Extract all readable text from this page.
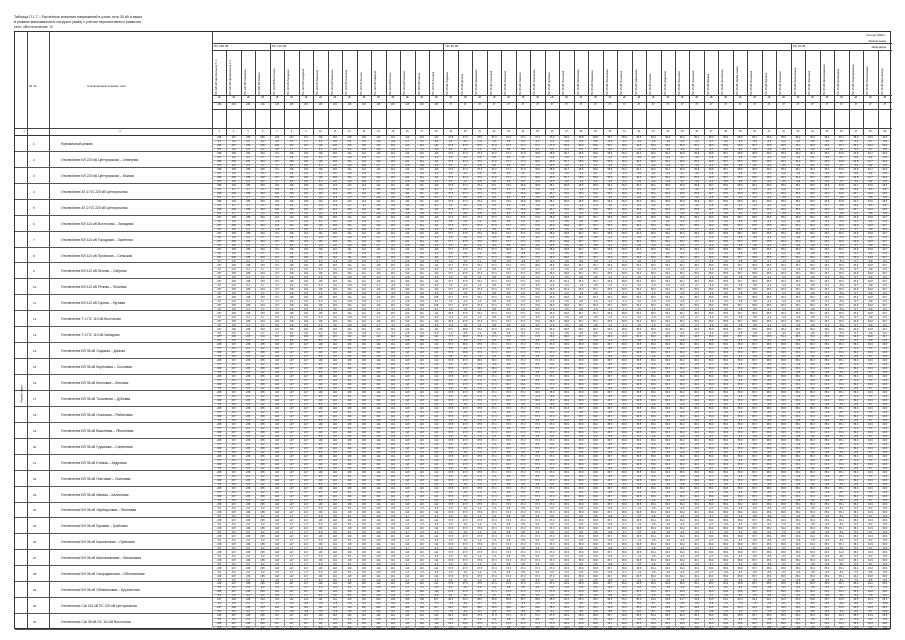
Таблица П.1.7 – Расчётные значения напряжений в узлах сети 35 кВ и выше
в режиме максимальных нагрузок (зима) с учётом перспективного развития
сети, кВ/отклонение, %
Контур 2026 г.
Режим зимы
Максимум
№ п/п	Отключаемый элемент сети
ПС 220 кВ	ПС 110 кВ	ПС 35 кВ	ПС 10 кВ
ПС 220 кВ Центральная Т-1
кВ
230
3
ПС 220 кВ Центральная Т-2
кВ
230
4
ПС 220 кВ Северная
кВ
230
5
ПС 220 кВ Южная
кВ
230
6
ПС 110 кВ Восточная
кВ
115
7
ПС 110 кВ Западная
кВ
115
8
ПС 110 кВ Городская
кВ
115
9
ПС 110 кВ Заречная
кВ
115
10
ПС 110 кВ Промзона
кВ
115
11
ПС 110 кВ Сельская
кВ
115
12
ПС 110 кВ Лесная
кВ
115
13
ПС 110 кВ Озёрная
кВ
115
14
ПС 110 кВ Речная
кВ
115
15
ПС 110 кВ Полевая
кВ
115
16
ПС 110 кВ Горная
кВ
115
17
ПС 110 кВ Луговая
кВ
115
18
ПС 35 кВ Садовая
кВ
37
19
ПС 35 кВ Дачная
кВ
37
20
ПС 35 кВ Берёзовая
кВ
37
21
ПС 35 кВ Сосновая
кВ
37
22
ПС 35 кВ Кленовая
кВ
37
23
ПС 35 кВ Липовая
кВ
37
24
ПС 35 кВ Тополиная
кВ
37
25
ПС 35 кВ Дубовая
кВ
37
26
ПС 35 кВ Ольховая
кВ
37
27
ПС 35 кВ Рябиновая
кВ
37
28
ПС 35 кВ Вишнёвая
кВ
37
29
ПС 35 кВ Яблоневая
кВ
37
30
ПС 35 кВ Грушевая
кВ
37
31
ПС 35 кВ Сиреневая
кВ
37
32
ПС 35 кВ Еловая
кВ
37
33
ПС 35 кВ Кедровая
кВ
37
34
ПС 35 кВ Пихтовая
кВ
37
35
ПС 35 кВ Осиновая
кВ
37
36
ПС 35 кВ Ивовая
кВ
37
37
ПС 35 кВ Калиновая
кВ
37
38
ПС 35 кВ Черёмуховая
кВ
37
39
ПС 35 кВ Ясеневая
кВ
37
40
ПС 35 кВ Буковая
кВ
37
41
ПС 35 кВ Грабовая
кВ
37
42
ПС 35 кВ Каштановая
кВ
37
43
ПС 35 кВ Ореховая
кВ
37
44
ПС 35 кВ Шиповниковая
кВ
37
45
ПС 35 кВ Малиновая
кВ
37
46
ПС 35 кВ Смородиновая
кВ
37
47
ПС 35 кВ Облепиховая
кВ
37
48
ПС 35 кВ Брусничная
кВ
37
49
1	2
1	Нормальный режим
238
3.5
238
3.5
237
3.0
237
3.0
236
2.6
236
2.6
235
2.2
235
2.2
118
2.6
118
2.6
117
1.7
117
1.7
117
1.7
117
1.7
116
0.9
116
0.9
116
0.9
116
0.9
115
0.0
115
0.0
115
0.0
115
0.0
114
-0.9
114
-0.9
114
-0.9
114
-0.9
113
-1.7
113
-1.7
113
-1.7
113
-1.7
112
-2.6
112
-2.6
37.8
2.2
37.8
2.2
37.6
1.6
37.6
1.6
37.5
1.4
37.5
1.4
37.4
1.1
37.4
1.1
37.3
0.8
37.3
0.8
37.2
0.5
37.2
0.5
37.1
0.3
37.1
0.3
37.0
0.0
37.0
0.0
36.9
-0.3
36.9
-0.3
36.8
-0.5
36.8
-0.5
36.8
-0.5
36.8
-0.5
36.7
-0.8
36.7
-0.8
36.6
-1.1
36.6
-1.1
36.5
-1.4
36.5
-1.4
36.4
-1.6
36.4
-1.6
36.3
-1.9
36.3
-1.9
36.2
-2.2
36.2
-2.2
36.1
-2.4
36.1
-2.4
36.0
-2.7
36.0
-2.7
35.9
-3.0
35.9
-3.0
35.8
-3.2
35.8
-3.2
35.7
-3.5
35.7
-3.5
35.6
-3.8
35.6
-3.8
35.5
-4.1
35.5
-4.1
35.4
-4.3
35.4
-4.3
35.3
-4.6
35.3
-4.6
35.2
-4.9
35.2
-4.9
35.1
-5.1
35.1
-5.1
35.0
-5.4
35.0
-5.4
34.9
-5.7
34.9
-5.7
34.8
-5.9
34.8
-5.9
2	Отключение ВЛ 220 кВ Центральная – Северная
236
2.6
236
2.6
235
2.2
235
2.2
231
0.4
231
0.4
234
1.7
234
1.7
117
1.7
117
1.7
116
0.9
116
0.9
116
0.9
116
0.9
115
0.0
115
0.0
115
0.0
115
0.0
114
-0.9
114
-0.9
114
-0.9
114
-0.9
113
-1.7
113
-1.7
113
-1.7
113
-1.7
112
-2.6
112
-2.6
112
-2.6
112
-2.6
111
-3.5
111
-3.5
37.6
1.6
37.6
1.6
37.4
1.1
37.4
1.1
37.3
0.8
37.3
0.8
37.2
0.5
37.2
0.5
37.1
0.3
37.1
0.3
37.0
0.0
37.0
0.0
36.9
-0.3
36.9
-0.3
36.8
-0.5
36.8
-0.5
36.7
-0.8
36.7
-0.8
36.6
-1.1
36.6
-1.1
36.6
-1.1
36.6
-1.1
36.5
-1.4
36.5
-1.4
36.4
-1.6
36.4
-1.6
36.3
-1.9
36.3
-1.9
36.2
-2.2
36.2
-2.2
36.1
-2.4
36.1
-2.4
36.0
-2.7
36.0
-2.7
35.9
-3.0
35.9
-3.0
35.8
-3.2
35.8
-3.2
35.7
-3.5
35.7
-3.5
35.6
-3.8
35.6
-3.8
35.5
-4.1
35.5
-4.1
35.4
-4.3
35.4
-4.3
35.3
-4.6
35.3
-4.6
35.2
-4.9
35.2
-4.9
35.1
-5.1
35.1
-5.1
35.0
-5.4
35.0
-5.4
34.9
-5.7
34.9
-5.7
34.8
-5.9
34.8
-5.9
34.7
-6.2
34.7
-6.2
34.6
-6.5
34.6
-6.5
3	Отключение ВЛ 220 кВ Центральная – Южная
236
2.6
236
2.6
236
2.6
236
2.6
235
2.2
235
2.2
230
0.0
230
0.0
117
1.7
117
1.7
116
0.9
116
0.9
116
0.9
116
0.9
115
0.0
115
0.0
115
0.0
115
0.0
114
-0.9
114
-0.9
114
-0.9
114
-0.9
113
-1.7
113
-1.7
113
-1.7
113
-1.7
112
-2.6
112
-2.6
112
-2.6
112
-2.6
111
-3.5
111
-3.5
37.6
1.6
37.6
1.6
37.4
1.1
37.4
1.1
37.3
0.8
37.3
0.8
37.2
0.5
37.2
0.5
37.1
0.3
37.1
0.3
37.0
0.0
37.0
0.0
36.9
-0.3
36.9
-0.3
36.8
-0.5
36.8
-0.5
36.7
-0.8
36.7
-0.8
36.6
-1.1
36.6
-1.1
36.6
-1.1
36.6
-1.1
36.5
-1.4
36.5
-1.4
36.4
-1.6
36.4
-1.6
36.3
-1.9
36.3
-1.9
36.2
-2.2
36.2
-2.2
36.1
-2.4
36.1
-2.4
36.0
-2.7
36.0
-2.7
35.9
-3.0
35.9
-3.0
35.8
-3.2
35.8
-3.2
35.7
-3.5
35.7
-3.5
35.6
-3.8
35.6
-3.8
35.5
-4.1
35.5
-4.1
35.4
-4.3
35.4
-4.3
35.3
-4.6
35.3
-4.6
35.2
-4.9
35.2
-4.9
35.1
-5.1
35.1
-5.1
35.0
-5.4
35.0
-5.4
34.9
-5.7
34.9
-5.7
34.8
-5.9
34.8
-5.9
34.7
-6.2
34.7
-6.2
34.6
-6.5
34.6
-6.5
4	Отключение АТ-1 ПС 220 кВ Центральная
235
2.2
235
2.2
234
1.7
234
1.7
234
1.7
234
1.7
233
1.3
233
1.3
116
0.9
116
0.9
115
0.0
115
0.0
115
0.0
115
0.0
114
-0.9
114
-0.9
114
-0.9
114
-0.9
113
-1.7
113
-1.7
113
-1.7
113
-1.7
112
-2.6
112
-2.6
112
-2.6
112
-2.6
111
-3.5
111
-3.5
111
-3.5
111
-3.5
110
-4.3
110
-4.3
37.5
1.4
37.5
1.4
37.3
0.8
37.3
0.8
37.2
0.5
37.2
0.5
37.1
0.3
37.1
0.3
37.0
0.0
37.0
0.0
36.9
-0.3
36.9
-0.3
36.8
-0.5
36.8
-0.5
36.7
-0.8
36.7
-0.8
36.6
-1.1
36.6
-1.1
36.5
-1.4
36.5
-1.4
36.5
-1.4
36.5
-1.4
36.4
-1.6
36.4
-1.6
36.3
-1.9
36.3
-1.9
36.2
-2.2
36.2
-2.2
36.1
-2.4
36.1
-2.4
36.0
-2.7
36.0
-2.7
35.9
-3.0
35.9
-3.0
35.8
-3.2
35.8
-3.2
35.7
-3.5
35.7
-3.5
35.6
-3.8
35.6
-3.8
35.5
-4.1
35.5
-4.1
35.4
-4.3
35.4
-4.3
35.3
-4.6
35.3
-4.6
35.2
-4.9
35.2
-4.9
35.1
-5.1
35.1
-5.1
35.0
-5.4
35.0
-5.4
34.9
-5.7
34.9
-5.7
34.8
-5.9
34.8
-5.9
34.7
-6.2
34.7
-6.2
34.6
-6.5
34.6
-6.5
34.5
-6.8
34.5
-6.8
5	Отключение АТ-2 ПС 220 кВ Центральная
235
2.2
235
2.2
234
1.7
234
1.7
234
1.7
234
1.7
233
1.3
233
1.3
116
0.9
116
0.9
115
0.0
115
0.0
115
0.0
115
0.0
114
-0.9
114
-0.9
114
-0.9
114
-0.9
113
-1.7
113
-1.7
113
-1.7
113
-1.7
112
-2.6
112
-2.6
112
-2.6
112
-2.6
111
-3.5
111
-3.5
111
-3.5
111
-3.5
110
-4.3
110
-4.3
37.5
1.4
37.5
1.4
37.3
0.8
37.3
0.8
37.2
0.5
37.2
0.5
37.1
0.3
37.1
0.3
37.0
0.0
37.0
0.0
36.9
-0.3
36.9
-0.3
36.8
-0.5
36.8
-0.5
36.7
-0.8
36.7
-0.8
36.6
-1.1
36.6
-1.1
36.5
-1.4
36.5
-1.4
36.5
-1.4
36.5
-1.4
36.4
-1.6
36.4
-1.6
36.3
-1.9
36.3
-1.9
36.2
-2.2
36.2
-2.2
36.1
-2.4
36.1
-2.4
36.0
-2.7
36.0
-2.7
35.9
-3.0
35.9
-3.0
35.8
-3.2
35.8
-3.2
35.7
-3.5
35.7
-3.5
35.6
-3.8
35.6
-3.8
35.5
-4.1
35.5
-4.1
35.4
-4.3
35.4
-4.3
35.3
-4.6
35.3
-4.6
35.2
-4.9
35.2
-4.9
35.1
-5.1
35.1
-5.1
35.0
-5.4
35.0
-5.4
34.9
-5.7
34.9
-5.7
34.8
-5.9
34.8
-5.9
34.7
-6.2
34.7
-6.2
34.6
-6.5
34.6
-6.5
34.5
-6.8
34.5
-6.8
6	Отключение ВЛ 110 кВ Восточная – Западная
237
3.0
237
3.0
236
2.6
236
2.6
235
2.2
235
2.2
234
1.7
234
1.7
114
-0.9
114
-0.9
113
-1.7
113
-1.7
116
0.9
116
0.9
115
0.0
115
0.0
115
0.0
115
0.0
114
-0.9
114
-0.9
114
-0.9
114
-0.9
113
-1.7
113
-1.7
113
-1.7
113
-1.7
112
-2.6
112
-2.6
112
-2.6
112
-2.6
111
-3.5
111
-3.5
37.3
0.8
37.3
0.8
37.1
0.3
37.1
0.3
37.4
1.1
37.4
1.1
37.3
0.8
37.3
0.8
37.2
0.5
37.2
0.5
37.1
0.3
37.1
0.3
37.0
0.0
37.0
0.0
36.9
-0.3
36.9
-0.3
36.8
-0.5
36.8
-0.5
36.7
-0.8
36.7
-0.8
36.7
-0.8
36.7
-0.8
36.6
-1.1
36.6
-1.1
36.5
-1.4
36.5
-1.4
36.4
-1.6
36.4
-1.6
36.3
-1.9
36.3
-1.9
36.2
-2.2
36.2
-2.2
36.1
-2.4
36.1
-2.4
36.0
-2.7
36.0
-2.7
35.9
-3.0
35.9
-3.0
35.8
-3.2
35.8
-3.2
35.7
-3.5
35.7
-3.5
35.6
-3.8
35.6
-3.8
35.5
-4.1
35.5
-4.1
35.4
-4.3
35.4
-4.3
35.3
-4.6
35.3
-4.6
35.2
-4.9
35.2
-4.9
35.1
-5.1
35.1
-5.1
35.0
-5.4
35.0
-5.4
34.9
-5.7
34.9
-5.7
34.8
-5.9
34.8
-5.9
34.7
-6.2
34.7
-6.2
7	Отключение ВЛ 110 кВ Городская – Заречная
237
3.0
237
3.0
236
2.6
236
2.6
235
2.2
235
2.2
234
1.7
234
1.7
117
1.7
117
1.7
116
0.9
116
0.9
113
-1.7
113
-1.7
112
-2.6
112
-2.6
115
0.0
115
0.0
114
-0.9
114
-0.9
114
-0.9
114
-0.9
113
-1.7
113
-1.7
113
-1.7
113
-1.7
112
-2.6
112
-2.6
112
-2.6
112
-2.6
111
-3.5
111
-3.5
37.7
1.9
37.7
1.9
37.5
1.4
37.5
1.4
37.0
0.0
37.0
0.0
36.9
-0.3
36.9
-0.3
37.2
0.5
37.2
0.5
37.1
0.3
37.1
0.3
37.0
0.0
37.0
0.0
36.9
-0.3
36.9
-0.3
36.8
-0.5
36.8
-0.5
36.7
-0.8
36.7
-0.8
36.7
-0.8
36.7
-0.8
36.6
-1.1
36.6
-1.1
36.5
-1.4
36.5
-1.4
36.4
-1.6
36.4
-1.6
36.3
-1.9
36.3
-1.9
36.2
-2.2
36.2
-2.2
36.1
-2.4
36.1
-2.4
36.0
-2.7
36.0
-2.7
35.9
-3.0
35.9
-3.0
35.8
-3.2
35.8
-3.2
35.7
-3.5
35.7
-3.5
35.6
-3.8
35.6
-3.8
35.5
-4.1
35.5
-4.1
35.4
-4.3
35.4
-4.3
35.3
-4.6
35.3
-4.6
35.2
-4.9
35.2
-4.9
35.1
-5.1
35.1
-5.1
35.0
-5.4
35.0
-5.4
34.9
-5.7
34.9
-5.7
34.8
-5.9
34.8
-5.9
34.7
-6.2
34.7
-6.2
8	Отключение ВЛ 110 кВ Промзона – Сельская
237
3.0
237
3.0
236
2.6
236
2.6
235
2.2
235
2.2
234
1.7
234
1.7
117
1.7
117
1.7
116
0.9
116
0.9
116
0.9
116
0.9
115
0.0
115
0.0
112
-2.6
112
-2.6
111
-3.5
111
-3.5
114
-0.9
114
-0.9
113
-1.7
113
-1.7
113
-1.7
113
-1.7
112
-2.6
112
-2.6
112
-2.6
112
-2.6
111
-3.5
111
-3.5
37.7
1.9
37.7
1.9
37.5
1.4
37.5
1.4
37.4
1.1
37.4
1.1
37.3
0.8
37.3
0.8
36.8
-0.5
36.8
-0.5
36.7
-0.8
36.7
-0.8
37.0
0.0
37.0
0.0
36.9
-0.3
36.9
-0.3
36.8
-0.5
36.8
-0.5
36.7
-0.8
36.7
-0.8
36.7
-0.8
36.7
-0.8
36.6
-1.1
36.6
-1.1
36.5
-1.4
36.5
-1.4
36.4
-1.6
36.4
-1.6
36.3
-1.9
36.3
-1.9
36.2
-2.2
36.2
-2.2
36.1
-2.4
36.1
-2.4
36.0
-2.7
36.0
-2.7
35.9
-3.0
35.9
-3.0
35.8
-3.2
35.8
-3.2
35.7
-3.5
35.7
-3.5
35.6
-3.8
35.6
-3.8
35.5
-4.1
35.5
-4.1
35.4
-4.3
35.4
-4.3
35.3
-4.6
35.3
-4.6
35.2
-4.9
35.2
-4.9
35.1
-5.1
35.1
-5.1
35.0
-5.4
35.0
-5.4
34.9
-5.7
34.9
-5.7
34.8
-5.9
34.8
-5.9
34.7
-6.2
34.7
-6.2
9	Отключение ВЛ 110 кВ Лесная – Озёрная
237
3.0
237
3.0
236
2.6
236
2.6
235
2.2
235
2.2
234
1.7
234
1.7
117
1.7
117
1.7
116
0.9
116
0.9
116
0.9
116
0.9
115
0.0
115
0.0
115
0.0
115
0.0
114
-0.9
114
-0.9
111
-3.5
111
-3.5
110
-4.3
110
-4.3
113
-1.7
113
-1.7
112
-2.6
112
-2.6
112
-2.6
112
-2.6
111
-3.5
111
-3.5
37.7
1.9
37.7
1.9
37.5
1.4
37.5
1.4
37.4
1.1
37.4
1.1
37.3
0.8
37.3
0.8
37.2
0.5
37.2
0.5
37.1
0.3
37.1
0.3
36.6
-1.1
36.6
-1.1
36.5
-1.4
36.5
-1.4
36.8
-0.5
36.8
-0.5
36.7
-0.8
36.7
-0.8
36.7
-0.8
36.7
-0.8
36.6
-1.1
36.6
-1.1
36.5
-1.4
36.5
-1.4
36.4
-1.6
36.4
-1.6
36.3
-1.9
36.3
-1.9
36.2
-2.2
36.2
-2.2
36.1
-2.4
36.1
-2.4
36.0
-2.7
36.0
-2.7
35.9
-3.0
35.9
-3.0
35.8
-3.2
35.8
-3.2
35.7
-3.5
35.7
-3.5
35.6
-3.8
35.6
-3.8
35.5
-4.1
35.5
-4.1
35.4
-4.3
35.4
-4.3
35.3
-4.6
35.3
-4.6
35.2
-4.9
35.2
-4.9
35.1
-5.1
35.1
-5.1
35.0
-5.4
35.0
-5.4
34.9
-5.7
34.9
-5.7
34.8
-5.9
34.8
-5.9
34.7
-6.2
34.7
-6.2
10	Отключение ВЛ 110 кВ Речная – Полевая
237
3.0
237
3.0
236
2.6
236
2.6
235
2.2
235
2.2
234
1.7
234
1.7
117
1.7
117
1.7
116
0.9
116
0.9
116
0.9
116
0.9
115
0.0
115
0.0
115
0.0
115
0.0
114
-0.9
114
-0.9
114
-0.9
114
-0.9
113
-1.7
113
-1.7
110
-4.3
110
-4.3
109
-5.2
109
-5.2
112
-2.6
112
-2.6
111
-3.5
111
-3.5
37.7
1.9
37.7
1.9
37.5
1.4
37.5
1.4
37.4
1.1
37.4
1.1
37.3
0.8
37.3
0.8
37.2
0.5
37.2
0.5
37.1
0.3
37.1
0.3
37.0
0.0
37.0
0.0
36.9
-0.3
36.9
-0.3
36.4
-1.6
36.4
-1.6
36.3
-1.9
36.3
-1.9
36.7
-0.8
36.7
-0.8
36.6
-1.1
36.6
-1.1
36.5
-1.4
36.5
-1.4
36.4
-1.6
36.4
-1.6
36.3
-1.9
36.3
-1.9
36.2
-2.2
36.2
-2.2
36.1
-2.4
36.1
-2.4
36.0
-2.7
36.0
-2.7
35.9
-3.0
35.9
-3.0
35.8
-3.2
35.8
-3.2
35.7
-3.5
35.7
-3.5
35.6
-3.8
35.6
-3.8
35.5
-4.1
35.5
-4.1
35.4
-4.3
35.4
-4.3
35.3
-4.6
35.3
-4.6
35.2
-4.9
35.2
-4.9
35.1
-5.1
35.1
-5.1
35.0
-5.4
35.0
-5.4
34.9
-5.7
34.9
-5.7
34.8
-5.9
34.8
-5.9
34.7
-6.2
34.7
-6.2
11	Отключение ВЛ 110 кВ Горная – Луговая
237
3.0
237
3.0
236
2.6
236
2.6
235
2.2
235
2.2
234
1.7
234
1.7
117
1.7
117
1.7
116
0.9
116
0.9
116
0.9
116
0.9
115
0.0
115
0.0
115
0.0
115
0.0
114
-0.9
114
-0.9
114
-0.9
114
-0.9
113
-1.7
113
-1.7
113
-1.7
113
-1.7
112
-2.6
112
-2.6
109
-5.2
109
-5.2
108
-6.1
108
-6.1
37.7
1.9
37.7
1.9
37.5
1.4
37.5
1.4
37.4
1.1
37.4
1.1
37.3
0.8
37.3
0.8
37.2
0.5
37.2
0.5
37.1
0.3
37.1
0.3
37.0
0.0
37.0
0.0
36.9
-0.3
36.9
-0.3
36.8
-0.5
36.8
-0.5
36.7
-0.8
36.7
-0.8
36.3
-1.9
36.3
-1.9
36.2
-2.2
36.2
-2.2
36.5
-1.4
36.5
-1.4
36.4
-1.6
36.4
-1.6
36.3
-1.9
36.3
-1.9
36.2
-2.2
36.2
-2.2
36.1
-2.4
36.1
-2.4
36.0
-2.7
36.0
-2.7
35.9
-3.0
35.9
-3.0
35.8
-3.2
35.8
-3.2
35.7
-3.5
35.7
-3.5
35.6
-3.8
35.6
-3.8
35.5
-4.1
35.5
-4.1
35.4
-4.3
35.4
-4.3
35.3
-4.6
35.3
-4.6
35.2
-4.9
35.2
-4.9
35.1
-5.1
35.1
-5.1
35.0
-5.4
35.0
-5.4
34.9
-5.7
34.9
-5.7
34.8
-5.9
34.8
-5.9
34.7
-6.2
34.7
-6.2
12	Отключение Т-1 ПС 110 кВ Восточная
237
3.0
237
3.0
236
2.6
236
2.6
235
2.2
235
2.2
234
1.7
234
1.7
116
0.9
116
0.9
116
0.9
116
0.9
116
0.9
116
0.9
115
0.0
115
0.0
115
0.0
115
0.0
114
-0.9
114
-0.9
114
-0.9
114
-0.9
113
-1.7
113
-1.7
113
-1.7
113
-1.7
112
-2.6
112
-2.6
112
-2.6
112
-2.6
111
-3.5
111
-3.5
36.9
-0.3
36.9
-0.3
37.5
1.4
37.5
1.4
37.4
1.1
37.4
1.1
37.3
0.8
37.3
0.8
37.2
0.5
37.2
0.5
37.1
0.3
37.1
0.3
37.0
0.0
37.0
0.0
36.9
-0.3
36.9
-0.3
36.8
-0.5
36.8
-0.5
36.7
-0.8
36.7
-0.8
36.7
-0.8
36.7
-0.8
36.6
-1.1
36.6
-1.1
36.5
-1.4
36.5
-1.4
36.4
-1.6
36.4
-1.6
36.3
-1.9
36.3
-1.9
36.2
-2.2
36.2
-2.2
36.1
-2.4
36.1
-2.4
36.0
-2.7
36.0
-2.7
35.9
-3.0
35.9
-3.0
35.8
-3.2
35.8
-3.2
35.7
-3.5
35.7
-3.5
35.6
-3.8
35.6
-3.8
35.5
-4.1
35.5
-4.1
35.4
-4.3
35.4
-4.3
35.3
-4.6
35.3
-4.6
35.2
-4.9
35.2
-4.9
35.1
-5.1
35.1
-5.1
35.0
-5.4
35.0
-5.4
34.9
-5.7
34.9
-5.7
34.8
-5.9
34.8
-5.9
34.7
-6.2
34.7
-6.2
13	Отключение Т-2 ПС 110 кВ Западная
237
3.0
237
3.0
236
2.6
236
2.6
235
2.2
235
2.2
234
1.7
234
1.7
117
1.7
117
1.7
115
0.0
115
0.0
116
0.9
116
0.9
115
0.0
115
0.0
115
0.0
115
0.0
114
-0.9
114
-0.9
114
-0.9
114
-0.9
113
-1.7
113
-1.7
113
-1.7
113
-1.7
112
-2.6
112
-2.6
112
-2.6
112
-2.6
111
-3.5
111
-3.5
37.7
1.9
37.7
1.9
36.8
-0.5
36.8
-0.5
37.4
1.1
37.4
1.1
37.3
0.8
37.3
0.8
37.2
0.5
37.2
0.5
37.1
0.3
37.1
0.3
37.0
0.0
37.0
0.0
36.9
-0.3
36.9
-0.3
36.8
-0.5
36.8
-0.5
36.7
-0.8
36.7
-0.8
36.7
-0.8
36.7
-0.8
36.6
-1.1
36.6
-1.1
36.5
-1.4
36.5
-1.4
36.4
-1.6
36.4
-1.6
36.3
-1.9
36.3
-1.9
36.2
-2.2
36.2
-2.2
36.1
-2.4
36.1
-2.4
36.0
-2.7
36.0
-2.7
35.9
-3.0
35.9
-3.0
35.8
-3.2
35.8
-3.2
35.7
-3.5
35.7
-3.5
35.6
-3.8
35.6
-3.8
35.5
-4.1
35.5
-4.1
35.4
-4.3
35.4
-4.3
35.3
-4.6
35.3
-4.6
35.2
-4.9
35.2
-4.9
35.1
-5.1
35.1
-5.1
35.0
-5.4
35.0
-5.4
34.9
-5.7
34.9
-5.7
34.8
-5.9
34.8
-5.9
34.7
-6.2
34.7
-6.2
14	Отключение ВЛ 35 кВ Садовая – Дачная
238
3.5
238
3.5
237
3.0
237
3.0
236
2.6
236
2.6
235
2.2
235
2.2
118
2.6
118
2.6
117
1.7
117
1.7
117
1.7
117
1.7
116
0.9
116
0.9
116
0.9
116
0.9
115
0.0
115
0.0
115
0.0
115
0.0
114
-0.9
114
-0.9
114
-0.9
114
-0.9
113
-1.7
113
-1.7
113
-1.7
113
-1.7
112
-2.6
112
-2.6
37.2
0.5
37.2
0.5
36.6
-1.1
36.6
-1.1
37.5
1.4
37.5
1.4
37.4
1.1
37.4
1.1
37.3
0.8
37.3
0.8
37.2
0.5
37.2
0.5
37.1
0.3
37.1
0.3
37.0
0.0
37.0
0.0
36.9
-0.3
36.9
-0.3
36.8
-0.5
36.8
-0.5
36.8
-0.5
36.8
-0.5
36.7
-0.8
36.7
-0.8
36.6
-1.1
36.6
-1.1
36.5
-1.4
36.5
-1.4
36.4
-1.6
36.4
-1.6
36.3
-1.9
36.3
-1.9
36.2
-2.2
36.2
-2.2
36.1
-2.4
36.1
-2.4
36.0
-2.7
36.0
-2.7
35.9
-3.0
35.9
-3.0
35.8
-3.2
35.8
-3.2
35.7
-3.5
35.7
-3.5
35.6
-3.8
35.6
-3.8
35.5
-4.1
35.5
-4.1
35.4
-4.3
35.4
-4.3
35.3
-4.6
35.3
-4.6
35.2
-4.9
35.2
-4.9
35.1
-5.1
35.1
-5.1
35.0
-5.4
35.0
-5.4
34.9
-5.7
34.9
-5.7
34.8
-5.9
34.8
-5.9
15	Отключение ВЛ 35 кВ Берёзовая – Сосновая
238
3.5
238
3.5
237
3.0
237
3.0
236
2.6
236
2.6
235
2.2
235
2.2
118
2.6
118
2.6
117
1.7
117
1.7
117
1.7
117
1.7
116
0.9
116
0.9
116
0.9
116
0.9
115
0.0
115
0.0
115
0.0
115
0.0
114
-0.9
114
-0.9
114
-0.9
114
-0.9
113
-1.7
113
-1.7
113
-1.7
113
-1.7
112
-2.6
112
-2.6
37.8
2.2
37.8
2.2
37.6
1.6
37.6
1.6
36.9
-0.3
36.9
-0.3
36.3
-1.9
36.3
-1.9
37.3
0.8
37.3
0.8
37.2
0.5
37.2
0.5
37.1
0.3
37.1
0.3
37.0
0.0
37.0
0.0
36.9
-0.3
36.9
-0.3
36.8
-0.5
36.8
-0.5
36.8
-0.5
36.8
-0.5
36.7
-0.8
36.7
-0.8
36.6
-1.1
36.6
-1.1
36.5
-1.4
36.5
-1.4
36.4
-1.6
36.4
-1.6
36.3
-1.9
36.3
-1.9
36.2
-2.2
36.2
-2.2
36.1
-2.4
36.1
-2.4
36.0
-2.7
36.0
-2.7
35.9
-3.0
35.9
-3.0
35.8
-3.2
35.8
-3.2
35.7
-3.5
35.7
-3.5
35.6
-3.8
35.6
-3.8
35.5
-4.1
35.5
-4.1
35.4
-4.3
35.4
-4.3
35.3
-4.6
35.3
-4.6
35.2
-4.9
35.2
-4.9
35.1
-5.1
35.1
-5.1
35.0
-5.4
35.0
-5.4
34.9
-5.7
34.9
-5.7
34.8
-5.9
34.8
-5.9
16	Отключение ВЛ 35 кВ Кленовая – Липовая
238
3.5
238
3.5
237
3.0
237
3.0
236
2.6
236
2.6
235
2.2
235
2.2
118
2.6
118
2.6
117
1.7
117
1.7
117
1.7
117
1.7
116
0.9
116
0.9
116
0.9
116
0.9
115
0.0
115
0.0
115
0.0
115
0.0
114
-0.9
114
-0.9
114
-0.9
114
-0.9
113
-1.7
113
-1.7
113
-1.7
113
-1.7
112
-2.6
112
-2.6
37.8
2.2
37.8
2.2
37.6
1.6
37.6
1.6
37.5
1.4
37.5
1.4
37.4
1.1
37.4
1.1
36.7
-0.8
36.7
-0.8
36.1
-2.4
36.1
-2.4
37.1
0.3
37.1
0.3
37.0
0.0
37.0
0.0
36.9
-0.3
36.9
-0.3
36.8
-0.5
36.8
-0.5
36.8
-0.5
36.8
-0.5
36.7
-0.8
36.7
-0.8
36.6
-1.1
36.6
-1.1
36.5
-1.4
36.5
-1.4
36.4
-1.6
36.4
-1.6
36.3
-1.9
36.3
-1.9
36.2
-2.2
36.2
-2.2
36.1
-2.4
36.1
-2.4
36.0
-2.7
36.0
-2.7
35.9
-3.0
35.9
-3.0
35.8
-3.2
35.8
-3.2
35.7
-3.5
35.7
-3.5
35.6
-3.8
35.6
-3.8
35.5
-4.1
35.5
-4.1
35.4
-4.3
35.4
-4.3
35.3
-4.6
35.3
-4.6
35.2
-4.9
35.2
-4.9
35.1
-5.1
35.1
-5.1
35.0
-5.4
35.0
-5.4
34.9
-5.7
34.9
-5.7
34.8
-5.9
34.8
-5.9
17	Отключение ВЛ 35 кВ Тополиная – Дубовая
238
3.5
238
3.5
237
3.0
237
3.0
236
2.6
236
2.6
235
2.2
235
2.2
118
2.6
118
2.6
117
1.7
117
1.7
117
1.7
117
1.7
116
0.9
116
0.9
116
0.9
116
0.9
115
0.0
115
0.0
115
0.0
115
0.0
114
-0.9
114
-0.9
114
-0.9
114
-0.9
113
-1.7
113
-1.7
113
-1.7
113
-1.7
112
-2.6
112
-2.6
37.8
2.2
37.8
2.2
37.6
1.6
37.6
1.6
37.5
1.4
37.5
1.4
37.4
1.1
37.4
1.1
37.3
0.8
37.3
0.8
37.2
0.5
37.2
0.5
36.5
-1.4
36.5
-1.4
35.9
-3.0
35.9
-3.0
36.9
-0.3
36.9
-0.3
36.8
-0.5
36.8
-0.5
36.8
-0.5
36.8
-0.5
36.7
-0.8
36.7
-0.8
36.6
-1.1
36.6
-1.1
36.5
-1.4
36.5
-1.4
36.4
-1.6
36.4
-1.6
36.3
-1.9
36.3
-1.9
36.2
-2.2
36.2
-2.2
36.1
-2.4
36.1
-2.4
36.0
-2.7
36.0
-2.7
35.9
-3.0
35.9
-3.0
35.8
-3.2
35.8
-3.2
35.7
-3.5
35.7
-3.5
35.6
-3.8
35.6
-3.8
35.5
-4.1
35.5
-4.1
35.4
-4.3
35.4
-4.3
35.3
-4.6
35.3
-4.6
35.2
-4.9
35.2
-4.9
35.1
-5.1
35.1
-5.1
35.0
-5.4
35.0
-5.4
34.9
-5.7
34.9
-5.7
34.8
-5.9
34.8
-5.9
18	Отключение ВЛ 35 кВ Ольховая – Рябиновая
238
3.5
238
3.5
237
3.0
237
3.0
236
2.6
236
2.6
235
2.2
235
2.2
118
2.6
118
2.6
117
1.7
117
1.7
117
1.7
117
1.7
116
0.9
116
0.9
116
0.9
116
0.9
115
0.0
115
0.0
115
0.0
115
0.0
114
-0.9
114
-0.9
114
-0.9
114
-0.9
113
-1.7
113
-1.7
113
-1.7
113
-1.7
112
-2.6
112
-2.6
37.8
2.2
37.8
2.2
37.6
1.6
37.6
1.6
37.5
1.4
37.5
1.4
37.4
1.1
37.4
1.1
37.3
0.8
37.3
0.8
37.2
0.5
37.2
0.5
37.1
0.3
37.1
0.3
37.0
0.0
37.0
0.0
36.3
-1.9
36.3
-1.9
35.7
-3.5
35.7
-3.5
36.8
-0.5
36.8
-0.5
36.7
-0.8
36.7
-0.8
36.6
-1.1
36.6
-1.1
36.5
-1.4
36.5
-1.4
36.4
-1.6
36.4
-1.6
36.3
-1.9
36.3
-1.9
36.2
-2.2
36.2
-2.2
36.1
-2.4
36.1
-2.4
36.0
-2.7
36.0
-2.7
35.9
-3.0
35.9
-3.0
35.8
-3.2
35.8
-3.2
35.7
-3.5
35.7
-3.5
35.6
-3.8
35.6
-3.8
35.5
-4.1
35.5
-4.1
35.4
-4.3
35.4
-4.3
35.3
-4.6
35.3
-4.6
35.2
-4.9
35.2
-4.9
35.1
-5.1
35.1
-5.1
35.0
-5.4
35.0
-5.4
34.9
-5.7
34.9
-5.7
34.8
-5.9
34.8
-5.9
19	Отключение ВЛ 35 кВ Вишнёвая – Яблоневая
238
3.5
238
3.5
237
3.0
237
3.0
236
2.6
236
2.6
235
2.2
235
2.2
118
2.6
118
2.6
117
1.7
117
1.7
117
1.7
117
1.7
116
0.9
116
0.9
116
0.9
116
0.9
115
0.0
115
0.0
115
0.0
115
0.0
114
-0.9
114
-0.9
114
-0.9
114
-0.9
113
-1.7
113
-1.7
113
-1.7
113
-1.7
112
-2.6
112
-2.6
37.8
2.2
37.8
2.2
37.6
1.6
37.6
1.6
37.5
1.4
37.5
1.4
37.4
1.1
37.4
1.1
37.3
0.8
37.3
0.8
37.2
0.5
37.2
0.5
37.1
0.3
37.1
0.3
37.0
0.0
37.0
0.0
36.9
-0.3
36.9
-0.3
36.8
-0.5
36.8
-0.5
36.2
-2.2
36.2
-2.2
35.6
-3.8
35.6
-3.8
36.6
-1.1
36.6
-1.1
36.5
-1.4
36.5
-1.4
36.4
-1.6
36.4
-1.6
36.3
-1.9
36.3
-1.9
36.2
-2.2
36.2
-2.2
36.1
-2.4
36.1
-2.4
36.0
-2.7
36.0
-2.7
35.9
-3.0
35.9
-3.0
35.8
-3.2
35.8
-3.2
35.7
-3.5
35.7
-3.5
35.6
-3.8
35.6
-3.8
35.5
-4.1
35.5
-4.1
35.4
-4.3
35.4
-4.3
35.3
-4.6
35.3
-4.6
35.2
-4.9
35.2
-4.9
35.1
-5.1
35.1
-5.1
35.0
-5.4
35.0
-5.4
34.9
-5.7
34.9
-5.7
34.8
-5.9
34.8
-5.9
20	Отключение ВЛ 35 кВ Грушевая – Сиреневая
238
3.5
238
3.5
237
3.0
237
3.0
236
2.6
236
2.6
235
2.2
235
2.2
118
2.6
118
2.6
117
1.7
117
1.7
117
1.7
117
1.7
116
0.9
116
0.9
116
0.9
116
0.9
115
0.0
115
0.0
115
0.0
115
0.0
114
-0.9
114
-0.9
114
-0.9
114
-0.9
113
-1.7
113
-1.7
113
-1.7
113
-1.7
112
-2.6
112
-2.6
37.8
2.2
37.8
2.2
37.6
1.6
37.6
1.6
37.5
1.4
37.5
1.4
37.4
1.1
37.4
1.1
37.3
0.8
37.3
0.8
37.2
0.5
37.2
0.5
37.1
0.3
37.1
0.3
37.0
0.0
37.0
0.0
36.9
-0.3
36.9
-0.3
36.8
-0.5
36.8
-0.5
36.8
-0.5
36.8
-0.5
36.7
-0.8
36.7
-0.8
36.0
-2.7
36.0
-2.7
35.4
-4.3
35.4
-4.3
36.4
-1.6
36.4
-1.6
36.3
-1.9
36.3
-1.9
36.2
-2.2
36.2
-2.2
36.1
-2.4
36.1
-2.4
36.0
-2.7
36.0
-2.7
35.9
-3.0
35.9
-3.0
35.8
-3.2
35.8
-3.2
35.7
-3.5
35.7
-3.5
35.6
-3.8
35.6
-3.8
35.5
-4.1
35.5
-4.1
35.4
-4.3
35.4
-4.3
35.3
-4.6
35.3
-4.6
35.2
-4.9
35.2
-4.9
35.1
-5.1
35.1
-5.1
35.0
-5.4
35.0
-5.4
34.9
-5.7
34.9
-5.7
34.8
-5.9
34.8
-5.9
21	Отключение ВЛ 35 кВ Еловая – Кедровая
238
3.5
238
3.5
237
3.0
237
3.0
236
2.6
236
2.6
235
2.2
235
2.2
118
2.6
118
2.6
117
1.7
117
1.7
117
1.7
117
1.7
116
0.9
116
0.9
116
0.9
116
0.9
115
0.0
115
0.0
115
0.0
115
0.0
114
-0.9
114
-0.9
114
-0.9
114
-0.9
113
-1.7
113
-1.7
113
-1.7
113
-1.7
112
-2.6
112
-2.6
37.8
2.2
37.8
2.2
37.6
1.6
37.6
1.6
37.5
1.4
37.5
1.4
37.4
1.1
37.4
1.1
37.3
0.8
37.3
0.8
37.2
0.5
37.2
0.5
37.1
0.3
37.1
0.3
37.0
0.0
37.0
0.0
36.9
-0.3
36.9
-0.3
36.8
-0.5
36.8
-0.5
36.8
-0.5
36.8
-0.5
36.7
-0.8
36.7
-0.8
36.6
-1.1
36.6
-1.1
36.5
-1.4
36.5
-1.4
35.8
-3.2
35.8
-3.2
35.2
-4.9
35.2
-4.9
36.2
-2.2
36.2
-2.2
36.1
-2.4
36.1
-2.4
36.0
-2.7
36.0
-2.7
35.9
-3.0
35.9
-3.0
35.8
-3.2
35.8
-3.2
35.7
-3.5
35.7
-3.5
35.6
-3.8
35.6
-3.8
35.5
-4.1
35.5
-4.1
35.4
-4.3
35.4
-4.3
35.3
-4.6
35.3
-4.6
35.2
-4.9
35.2
-4.9
35.1
-5.1
35.1
-5.1
35.0
-5.4
35.0
-5.4
34.9
-5.7
34.9
-5.7
34.8
-5.9
34.8
-5.9
22	Отключение ВЛ 35 кВ Пихтовая – Осиновая
238
3.5
238
3.5
237
3.0
237
3.0
236
2.6
236
2.6
235
2.2
235
2.2
118
2.6
118
2.6
117
1.7
117
1.7
117
1.7
117
1.7
116
0.9
116
0.9
116
0.9
116
0.9
115
0.0
115
0.0
115
0.0
115
0.0
114
-0.9
114
-0.9
114
-0.9
114
-0.9
113
-1.7
113
-1.7
113
-1.7
113
-1.7
112
-2.6
112
-2.6
37.8
2.2
37.8
2.2
37.6
1.6
37.6
1.6
37.5
1.4
37.5
1.4
37.4
1.1
37.4
1.1
37.3
0.8
37.3
0.8
37.2
0.5
37.2
0.5
37.1
0.3
37.1
0.3
37.0
0.0
37.0
0.0
36.9
-0.3
36.9
-0.3
36.8
-0.5
36.8
-0.5
36.8
-0.5
36.8
-0.5
36.7
-0.8
36.7
-0.8
36.6
-1.1
36.6
-1.1
36.5
-1.4
36.5
-1.4
36.4
-1.6
36.4
-1.6
36.3
-1.9
36.3
-1.9
35.6
-3.8
35.6
-3.8
35.0
-5.4
35.0
-5.4
36.0
-2.7
36.0
-2.7
35.9
-3.0
35.9
-3.0
35.8
-3.2
35.8
-3.2
35.7
-3.5
35.7
-3.5
35.6
-3.8
35.6
-3.8
35.5
-4.1
35.5
-4.1
35.4
-4.3
35.4
-4.3
35.3
-4.6
35.3
-4.6
35.2
-4.9
35.2
-4.9
35.1
-5.1
35.1
-5.1
35.0
-5.4
35.0
-5.4
34.9
-5.7
34.9
-5.7
34.8
-5.9
34.8
-5.9
23	Отключение ВЛ 35 кВ Ивовая – Калиновая
238
3.5
238
3.5
237
3.0
237
3.0
236
2.6
236
2.6
235
2.2
235
2.2
118
2.6
118
2.6
117
1.7
117
1.7
117
1.7
117
1.7
116
0.9
116
0.9
116
0.9
116
0.9
115
0.0
115
0.0
115
0.0
115
0.0
114
-0.9
114
-0.9
114
-0.9
114
-0.9
113
-1.7
113
-1.7
113
-1.7
113
-1.7
112
-2.6
112
-2.6
37.8
2.2
37.8
2.2
37.6
1.6
37.6
1.6
37.5
1.4
37.5
1.4
37.4
1.1
37.4
1.1
37.3
0.8
37.3
0.8
37.2
0.5
37.2
0.5
37.1
0.3
37.1
0.3
37.0
0.0
37.0
0.0
36.9
-0.3
36.9
-0.3
36.8
-0.5
36.8
-0.5
36.8
-0.5
36.8
-0.5
36.7
-0.8
36.7
-0.8
36.6
-1.1
36.6
-1.1
36.5
-1.4
36.5
-1.4
36.4
-1.6
36.4
-1.6
36.3
-1.9
36.3
-1.9
36.2
-2.2
36.2
-2.2
36.1
-2.4
36.1
-2.4
35.4
-4.3
35.4
-4.3
34.8
-5.9
34.8
-5.9
35.8
-3.2
35.8
-3.2
35.7
-3.5
35.7
-3.5
35.6
-3.8
35.6
-3.8
35.5
-4.1
35.5
-4.1
35.4
-4.3
35.4
-4.3
35.3
-4.6
35.3
-4.6
35.2
-4.9
35.2
-4.9
35.1
-5.1
35.1
-5.1
35.0
-5.4
35.0
-5.4
34.9
-5.7
34.9
-5.7
34.8
-5.9
34.8
-5.9
24	Отключение ВЛ 35 кВ Черёмуховая – Ясеневая
238
3.5
238
3.5
237
3.0
237
3.0
236
2.6
236
2.6
235
2.2
235
2.2
118
2.6
118
2.6
117
1.7
117
1.7
117
1.7
117
1.7
116
0.9
116
0.9
116
0.9
116
0.9
115
0.0
115
0.0
115
0.0
115
0.0
114
-0.9
114
-0.9
114
-0.9
114
-0.9
113
-1.7
113
-1.7
113
-1.7
113
-1.7
112
-2.6
112
-2.6
37.8
2.2
37.8
2.2
37.6
1.6
37.6
1.6
37.5
1.4
37.5
1.4
37.4
1.1
37.4
1.1
37.3
0.8
37.3
0.8
37.2
0.5
37.2
0.5
37.1
0.3
37.1
0.3
37.0
0.0
37.0
0.0
36.9
-0.3
36.9
-0.3
36.8
-0.5
36.8
-0.5
36.8
-0.5
36.8
-0.5
36.7
-0.8
36.7
-0.8
36.6
-1.1
36.6
-1.1
36.5
-1.4
36.5
-1.4
36.4
-1.6
36.4
-1.6
36.3
-1.9
36.3
-1.9
36.2
-2.2
36.2
-2.2
36.1
-2.4
36.1
-2.4
36.0
-2.7
36.0
-2.7
35.9
-3.0
35.9
-3.0
35.2
-4.9
35.2
-4.9
34.6
-6.5
34.6
-6.5
35.6
-3.8
35.6
-3.8
35.5
-4.1
35.5
-4.1
35.4
-4.3
35.4
-4.3
35.3
-4.6
35.3
-4.6
35.2
-4.9
35.2
-4.9
35.1
-5.1
35.1
-5.1
35.0
-5.4
35.0
-5.4
34.9
-5.7
34.9
-5.7
34.8
-5.9
34.8
-5.9
25	Отключение ВЛ 35 кВ Буковая – Грабовая
238
3.5
238
3.5
237
3.0
237
3.0
236
2.6
236
2.6
235
2.2
235
2.2
118
2.6
118
2.6
117
1.7
117
1.7
117
1.7
117
1.7
116
0.9
116
0.9
116
0.9
116
0.9
115
0.0
115
0.0
115
0.0
115
0.0
114
-0.9
114
-0.9
114
-0.9
114
-0.9
113
-1.7
113
-1.7
113
-1.7
113
-1.7
112
-2.6
112
-2.6
37.8
2.2
37.8
2.2
37.6
1.6
37.6
1.6
37.5
1.4
37.5
1.4
37.4
1.1
37.4
1.1
37.3
0.8
37.3
0.8
37.2
0.5
37.2
0.5
37.1
0.3
37.1
0.3
37.0
0.0
37.0
0.0
36.9
-0.3
36.9
-0.3
36.8
-0.5
36.8
-0.5
36.8
-0.5
36.8
-0.5
36.7
-0.8
36.7
-0.8
36.6
-1.1
36.6
-1.1
36.5
-1.4
36.5
-1.4
36.4
-1.6
36.4
-1.6
36.3
-1.9
36.3
-1.9
36.2
-2.2
36.2
-2.2
36.1
-2.4
36.1
-2.4
36.0
-2.7
36.0
-2.7
35.9
-3.0
35.9
-3.0
35.8
-3.2
35.8
-3.2
35.7
-3.5
35.7
-3.5
35.0
-5.4
35.0
-5.4
34.4
-7.0
34.4
-7.0
35.4
-4.3
35.4
-4.3
35.3
-4.6
35.3
-4.6
35.2
-4.9
35.2
-4.9
35.1
-5.1
35.1
-5.1
35.0
-5.4
35.0
-5.4
34.9
-5.7
34.9
-5.7
34.8
-5.9
34.8
-5.9
26	Отключение ВЛ 35 кВ Каштановая – Ореховая
238
3.5
238
3.5
237
3.0
237
3.0
236
2.6
236
2.6
235
2.2
235
2.2
118
2.6
118
2.6
117
1.7
117
1.7
117
1.7
117
1.7
116
0.9
116
0.9
116
0.9
116
0.9
115
0.0
115
0.0
115
0.0
115
0.0
114
-0.9
114
-0.9
114
-0.9
114
-0.9
113
-1.7
113
-1.7
113
-1.7
113
-1.7
112
-2.6
112
-2.6
37.8
2.2
37.8
2.2
37.6
1.6
37.6
1.6
37.5
1.4
37.5
1.4
37.4
1.1
37.4
1.1
37.3
0.8
37.3
0.8
37.2
0.5
37.2
0.5
37.1
0.3
37.1
0.3
37.0
0.0
37.0
0.0
36.9
-0.3
36.9
-0.3
36.8
-0.5
36.8
-0.5
36.8
-0.5
36.8
-0.5
36.7
-0.8
36.7
-0.8
36.6
-1.1
36.6
-1.1
36.5
-1.4
36.5
-1.4
36.4
-1.6
36.4
-1.6
36.3
-1.9
36.3
-1.9
36.2
-2.2
36.2
-2.2
36.1
-2.4
36.1
-2.4
36.0
-2.7
36.0
-2.7
35.9
-3.0
35.9
-3.0
35.8
-3.2
35.8
-3.2
35.7
-3.5
35.7
-3.5
35.6
-3.8
35.6
-3.8
35.5
-4.1
35.5
-4.1
34.8
-5.9
34.8
-5.9
34.2
-7.6
34.2
-7.6
35.2
-4.9
35.2
-4.9
35.1
-5.1
35.1
-5.1
35.0
-5.4
35.0
-5.4
34.9
-5.7
34.9
-5.7
34.8
-5.9
34.8
-5.9
27	Отключение ВЛ 35 кВ Шиповниковая – Малиновая
238
3.5
238
3.5
237
3.0
237
3.0
236
2.6
236
2.6
235
2.2
235
2.2
118
2.6
118
2.6
117
1.7
117
1.7
117
1.7
117
1.7
116
0.9
116
0.9
116
0.9
116
0.9
115
0.0
115
0.0
115
0.0
115
0.0
114
-0.9
114
-0.9
114
-0.9
114
-0.9
113
-1.7
113
-1.7
113
-1.7
113
-1.7
112
-2.6
112
-2.6
37.8
2.2
37.8
2.2
37.6
1.6
37.6
1.6
37.5
1.4
37.5
1.4
37.4
1.1
37.4
1.1
37.3
0.8
37.3
0.8
37.2
0.5
37.2
0.5
37.1
0.3
37.1
0.3
37.0
0.0
37.0
0.0
36.9
-0.3
36.9
-0.3
36.8
-0.5
36.8
-0.5
36.8
-0.5
36.8
-0.5
36.7
-0.8
36.7
-0.8
36.6
-1.1
36.6
-1.1
36.5
-1.4
36.5
-1.4
36.4
-1.6
36.4
-1.6
36.3
-1.9
36.3
-1.9
36.2
-2.2
36.2
-2.2
36.1
-2.4
36.1
-2.4
36.0
-2.7
36.0
-2.7
35.9
-3.0
35.9
-3.0
35.8
-3.2
35.8
-3.2
35.7
-3.5
35.7
-3.5
35.6
-3.8
35.6
-3.8
35.5
-4.1
35.5
-4.1
35.4
-4.3
35.4
-4.3
35.3
-4.6
35.3
-4.6
34.6
-6.5
34.6
-6.5
34.0
-8.1
34.0
-8.1
35.0
-5.4
35.0
-5.4
34.9
-5.7
34.9
-5.7
34.8
-5.9
34.8
-5.9
28	Отключение ВЛ 35 кВ Смородиновая – Облепиховая
238
3.5
238
3.5
237
3.0
237
3.0
236
2.6
236
2.6
235
2.2
235
2.2
118
2.6
118
2.6
117
1.7
117
1.7
117
1.7
117
1.7
116
0.9
116
0.9
116
0.9
116
0.9
115
0.0
115
0.0
115
0.0
115
0.0
114
-0.9
114
-0.9
114
-0.9
114
-0.9
113
-1.7
113
-1.7
113
-1.7
113
-1.7
112
-2.6
112
-2.6
37.8
2.2
37.8
2.2
37.6
1.6
37.6
1.6
37.5
1.4
37.5
1.4
37.4
1.1
37.4
1.1
37.3
0.8
37.3
0.8
37.2
0.5
37.2
0.5
37.1
0.3
37.1
0.3
37.0
0.0
37.0
0.0
36.9
-0.3
36.9
-0.3
36.8
-0.5
36.8
-0.5
36.8
-0.5
36.8
-0.5
36.7
-0.8
36.7
-0.8
36.6
-1.1
36.6
-1.1
36.5
-1.4
36.5
-1.4
36.4
-1.6
36.4
-1.6
36.3
-1.9
36.3
-1.9
36.2
-2.2
36.2
-2.2
36.1
-2.4
36.1
-2.4
36.0
-2.7
36.0
-2.7
35.9
-3.0
35.9
-3.0
35.8
-3.2
35.8
-3.2
35.7
-3.5
35.7
-3.5
35.6
-3.8
35.6
-3.8
35.5
-4.1
35.5
-4.1
35.4
-4.3
35.4
-4.3
35.3
-4.6
35.3
-4.6
35.2
-4.9
35.2
-4.9
35.1
-5.1
35.1
-5.1
34.4
-7.0
34.4
-7.0
33.8
-8.6
33.8
-8.6
34.8
-5.9
34.8
-5.9
29	Отключение ВЛ 35 кВ Облепиховая – Брусничная
238
3.5
238
3.5
237
3.0
237
3.0
236
2.6
236
2.6
235
2.2
235
2.2
118
2.6
118
2.6
117
1.7
117
1.7
117
1.7
117
1.7
116
0.9
116
0.9
116
0.9
116
0.9
115
0.0
115
0.0
115
0.0
115
0.0
114
-0.9
114
-0.9
114
-0.9
114
-0.9
113
-1.7
113
-1.7
113
-1.7
113
-1.7
112
-2.6
112
-2.6
37.8
2.2
37.8
2.2
37.6
1.6
37.6
1.6
37.5
1.4
37.5
1.4
37.4
1.1
37.4
1.1
37.3
0.8
37.3
0.8
37.2
0.5
37.2
0.5
37.1
0.3
37.1
0.3
37.0
0.0
37.0
0.0
36.9
-0.3
36.9
-0.3
36.8
-0.5
36.8
-0.5
36.8
-0.5
36.8
-0.5
36.7
-0.8
36.7
-0.8
36.6
-1.1
36.6
-1.1
36.5
-1.4
36.5
-1.4
36.4
-1.6
36.4
-1.6
36.3
-1.9
36.3
-1.9
36.2
-2.2
36.2
-2.2
36.1
-2.4
36.1
-2.4
36.0
-2.7
36.0
-2.7
35.9
-3.0
35.9
-3.0
35.8
-3.2
35.8
-3.2
35.7
-3.5
35.7
-3.5
35.6
-3.8
35.6
-3.8
35.5
-4.1
35.5
-4.1
35.4
-4.3
35.4
-4.3
35.3
-4.6
35.3
-4.6
35.2
-4.9
35.2
-4.9
35.1
-5.1
35.1
-5.1
35.0
-5.4
35.0
-5.4
34.2
-7.6
34.2
-7.6
33.6
-9.2
33.6
-9.2
30	Отключение СШ 110 кВ ПС 220 кВ Центральная
237
3.0
237
3.0
236
2.6
236
2.6
235
2.2
235
2.2
234
1.7
234
1.7
113
-1.7
113
-1.7
112
-2.6
112
-2.6
112
-2.6
112
-2.6
111
-3.5
111
-3.5
111
-3.5
111
-3.5
110
-4.3
110
-4.3
110
-4.3
110
-4.3
109
-5.2
109
-5.2
109
-5.2
109
-5.2
108
-6.1
108
-6.1
108
-6.1
108
-6.1
107
-7.0
107
-7.0
36.3
-1.9
36.3
-1.9
36.1
-2.4
36.1
-2.4
36.0
-2.7
36.0
-2.7
35.9
-3.0
35.9
-3.0
35.8
-3.2
35.8
-3.2
35.7
-3.5
35.7
-3.5
35.6
-3.8
35.6
-3.8
35.5
-4.1
35.5
-4.1
35.4
-4.3
35.4
-4.3
35.3
-4.6
35.3
-4.6
35.3
-4.6
35.3
-4.6
35.2
-4.9
35.2
-4.9
35.1
-5.1
35.1
-5.1
35.0
-5.4
35.0
-5.4
34.9
-5.7
34.9
-5.7
34.8
-5.9
34.8
-5.9
34.7
-6.2
34.7
-6.2
34.6
-6.5
34.6
-6.5
34.5
-6.8
34.5
-6.8
34.4
-7.0
34.4
-7.0
34.3
-7.3
34.3
-7.3
34.2
-7.6
34.2
-7.6
34.1
-7.8
34.1
-7.8
34.0
-8.1
34.0
-8.1
33.9
-8.4
33.9
-8.4
33.8
-8.6
33.8
-8.6
33.7
-8.9
33.7
-8.9
33.6
-9.2
33.6
-9.2
33.5
-9.5
33.5
-9.5
33.4
-9.7
33.4
-9.7
33.3
-10.0
33.3
-10.0
31	Отключение СШ 35 кВ ПС 110 кВ Восточная
238
3.5
238
3.5
237
3.0
237
3.0
236
2.6
236
2.6
235
2.2
235
2.2
117
1.7
117
1.7
117
1.7
117
1.7
117
1.7
117
1.7
116
0.9
116
0.9
116
0.9
116
0.9
115
0.0
115
0.0
115
0.0
115
0.0
114
-0.9
114
-0.9
114
-0.9
114
-0.9
113
-1.7
113
-1.7
113
-1.7
113
-1.7
112
-2.6
112
-2.6
36.2
-2.2
36.2
-2.2
36.0
-2.7
36.0
-2.7
37.5
1.4
37.5
1.4
37.4
1.1
37.4
1.1
37.3
0.8
37.3
0.8
37.2
0.5
37.2
0.5
37.1
0.3
37.1
0.3
37.0
0.0
37.0
0.0
36.9
-0.3
36.9
-0.3
36.8
-0.5
36.8
-0.5
36.8
-0.5
36.8
-0.5
36.7
-0.8
36.7
-0.8
36.6
-1.1
36.6
-1.1
36.5
-1.4
36.5
-1.4
36.4
-1.6
36.4
-1.6
36.3
-1.9
36.3
-1.9
36.2
-2.2
36.2
-2.2
36.1
-2.4
36.1
-2.4
36.0
-2.7
36.0
-2.7
35.9
-3.0
35.9
-3.0
35.8
-3.2
35.8
-3.2
35.7
-3.5
35.7
-3.5
35.6
-3.8
35.6
-3.8
35.5
-4.1
35.5
-4.1
35.4
-4.3
35.4
-4.3
35.3
-4.6
35.3
-4.6
35.2
-4.9
35.2
-4.9
35.1
-5.1
35.1
-5.1
35.0
-5.4
35.0
-5.4
34.9
-5.7
34.9
-5.7
34.8
-5.9
34.8
-5.9
Режим зимы
